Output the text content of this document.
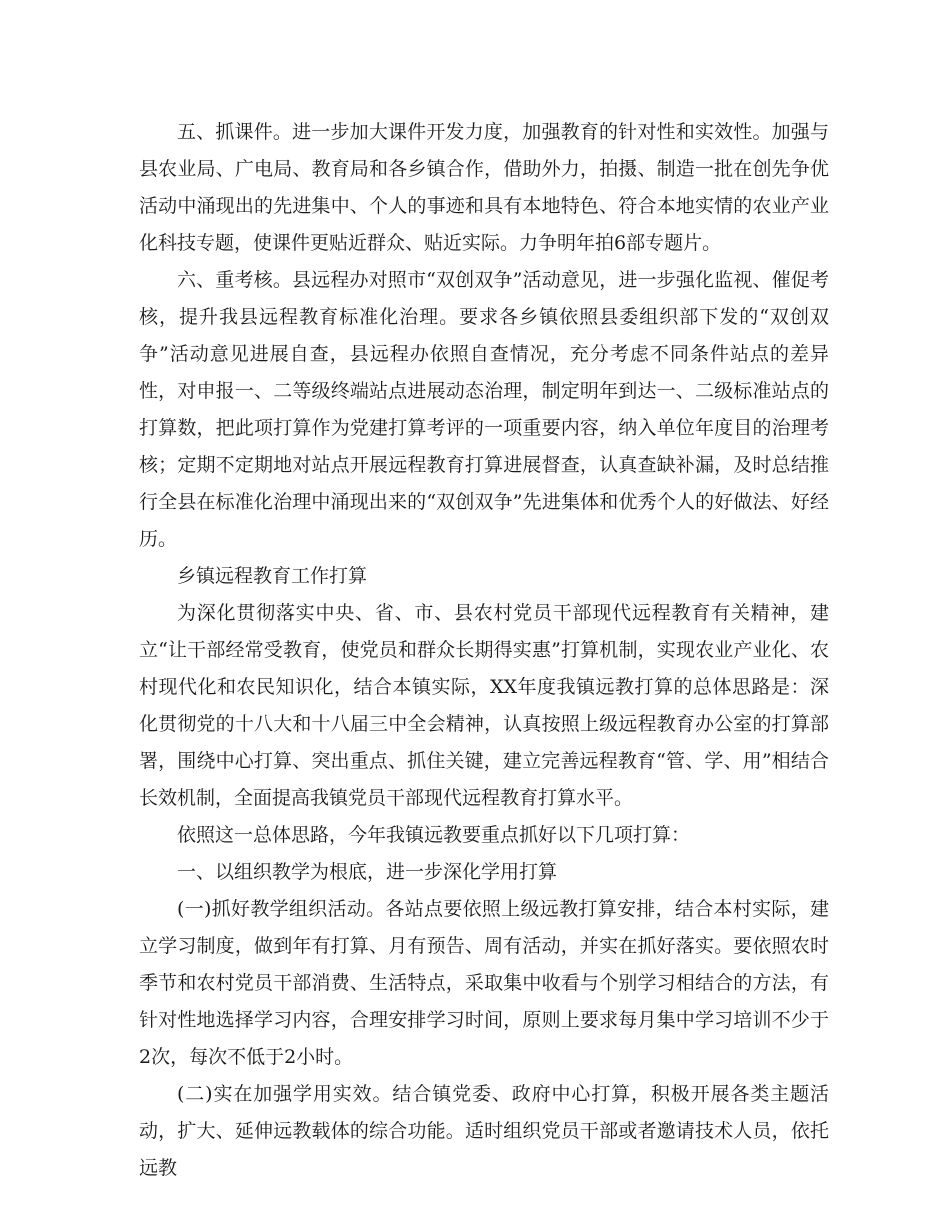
五、抓课件。进一步加大课件开发力度，加强教育的针对性和实效性。加强与县农业局、广电局、教育局和各乡镇合作，借助外力，拍摄、制造一批在创先争优活动中涌现出的先进集中、个人的事迹和具有本地特色、符合本地实情的农业产业化科技专题，使课件更贴近群众、贴近实际。力争明年拍6部专题片。

六、重考核。县远程办对照市“双创双争”活动意见，进一步强化监视、催促考核，提升我县远程教育标准化治理。要求各乡镇依照县委组织部下发的“双创双争”活动意见进展自查，县远程办依照自查情况，充分考虑不同条件站点的差异性，对申报一、二等级终端站点进展动态治理，制定明年到达一、二级标准站点的打算数，把此项打算作为党建打算考评的一项重要内容，纳入单位年度目的治理考核；定期不定期地对站点开展远程教育打算进展督查，认真查缺补漏，及时总结推行全县在标准化治理中涌现出来的“双创双争”先进集体和优秀个人的好做法、好经历。

乡镇远程教育工作打算

为深化贯彻落实中央、省、市、县农村党员干部现代远程教育有关精神，建立“让干部经常受教育，使党员和群众长期得实惠”打算机制，实现农业产业化、农村现代化和农民知识化，结合本镇实际，XX年度我镇远教打算的总体思路是：深化贯彻党的十八大和十八届三中全会精神，认真按照上级远程教育办公室的打算部署，围绕中心打算、突出重点、抓住关键，建立完善远程教育“管、学、用”相结合长效机制，全面提高我镇党员干部现代远程教育打算水平。

依照这一总体思路，今年我镇远教要重点抓好以下几项打算：

一、以组织教学为根底，进一步深化学用打算

(一)抓好教学组织活动。各站点要依照上级远教打算安排，结合本村实际，建立学习制度，做到年有打算、月有预告、周有活动，并实在抓好落实。要依照农时季节和农村党员干部消费、生活特点，采取集中收看与个别学习相结合的方法，有针对性地选择学习内容，合理安排学习时间，原则上要求每月集中学习培训不少于2次，每次不低于2小时。

(二)实在加强学用实效。结合镇党委、政府中心打算，积极开展各类主题活动，扩大、延伸远教载体的综合功能。适时组织党员干部或者邀请技术人员，依托远教
